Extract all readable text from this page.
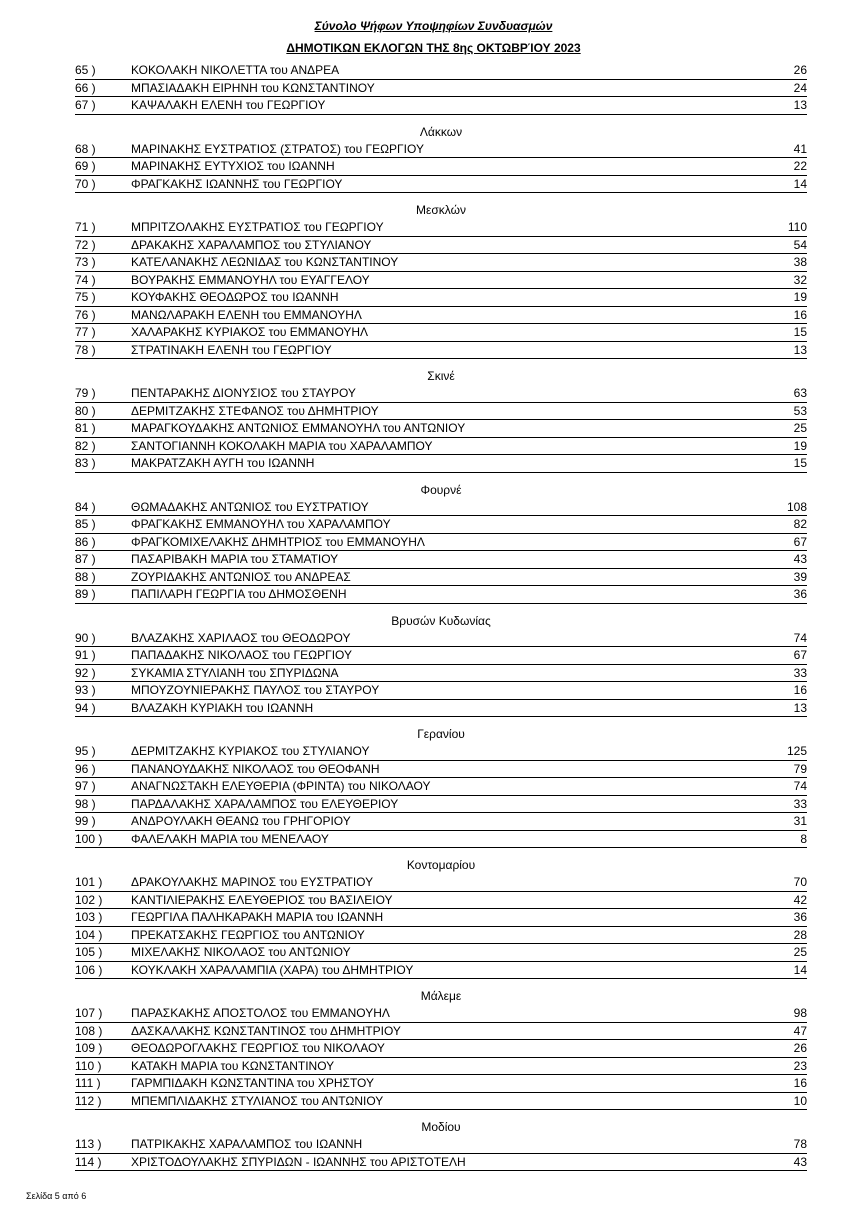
Σύνολο Ψήφων Υποψηφίων Συνδυασμών
ΔΗΜΟΤΙΚΩΝ ΕΚΛΟΓΩΝ ΤΗΣ 8ης ΟΚΤΩΒΡΊΟΥ 2023
65 )	ΚΟΚΟΛΑΚΗ ΝΙΚΟΛΕΤΤΑ του ΑΝΔΡΕΑ	26
66 )	ΜΠΑΣΙΑΔΑΚΗ ΕΙΡΗΝΗ του ΚΩΝΣΤΑΝΤΙΝΟΥ	24
67 )	ΚΑΨΑΛΑΚΗ ΕΛΕΝΗ του ΓΕΩΡΓΙΟΥ	13
Λάκκων
68 )	ΜΑΡΙΝΑΚΗΣ ΕΥΣΤΡΑΤΙΟΣ (ΣΤΡΑΤΟΣ) του ΓΕΩΡΓΙΟΥ	41
69 )	ΜΑΡΙΝΑΚΗΣ ΕΥΤΥΧΙΟΣ του ΙΩΑΝΝΗ	22
70 )	ΦΡΑΓΚΑΚΗΣ ΙΩΑΝΝΗΣ του ΓΕΩΡΓΙΟΥ	14
Μεσκλών
71 )	ΜΠΡΙΤΖΟΛΑΚΗΣ ΕΥΣΤΡΑΤΙΟΣ του ΓΕΩΡΓΙΟΥ	110
72 )	ΔΡΑΚΑΚΗΣ ΧΑΡΑΛΑΜΠΟΣ του ΣΤΥΛΙΑΝΟΥ	54
73 )	ΚΑΤΕΛΑΝΑΚΗΣ ΛΕΩΝΙΔΑΣ του ΚΩΝΣΤΑΝΤΙΝΟΥ	38
74 )	ΒΟΥΡΑΚΗΣ ΕΜΜΑΝΟΥΗΛ του ΕΥΑΓΓΕΛΟΥ	32
75 )	ΚΟΥΦΑΚΗΣ ΘΕΟΔΩΡΟΣ του ΙΩΑΝΝΗ	19
76 )	ΜΑΝΩΛΑΡΑΚΗ ΕΛΕΝΗ του ΕΜΜΑΝΟΥΗΛ	16
77 )	ΧΑΛΑΡΑΚΗΣ ΚΥΡΙΑΚΟΣ του ΕΜΜΑΝΟΥΗΛ	15
78 )	ΣΤΡΑΤΙΝΑΚΗ ΕΛΕΝΗ του ΓΕΩΡΓΙΟΥ	13
Σκινέ
79 )	ΠΕΝΤΑΡΑΚΗΣ ΔΙΟΝΥΣΙΟΣ του ΣΤΑΥΡΟΥ	63
80 )	ΔΕΡΜΙΤΖΑΚΗΣ ΣΤΕΦΑΝΟΣ του ΔΗΜΗΤΡΙΟΥ	53
81 )	ΜΑΡΑΓΚΟΥΔΑΚΗΣ ΑΝΤΩΝΙΟΣ ΕΜΜΑΝΟΥΗΛ του ΑΝΤΩΝΙΟΥ	25
82 )	ΣΑΝΤΟΓΙΑΝΝΗ ΚΟΚΟΛΑΚΗ ΜΑΡΙΑ του ΧΑΡΑΛΑΜΠΟΥ	19
83 )	ΜΑΚΡΑΤΖΑΚΗ ΑΥΓΗ του ΙΩΑΝΝΗ	15
Φουρνέ
84 )	ΘΩΜΑΔΑΚΗΣ ΑΝΤΩΝΙΟΣ του ΕΥΣΤΡΑΤΙΟΥ	108
85 )	ΦΡΑΓΚΑΚΗΣ ΕΜΜΑΝΟΥΗΛ του ΧΑΡΑΛΑΜΠΟΥ	82
86 )	ΦΡΑΓΚΟΜΙΧΕΛΑΚΗΣ ΔΗΜΗΤΡΙΟΣ του ΕΜΜΑΝΟΥΗΛ	67
87 )	ΠΑΣΑΡΙΒΑΚΗ ΜΑΡΙΑ του ΣΤΑΜΑΤΙΟΥ	43
88 )	ΖΟΥΡΙΔΑΚΗΣ ΑΝΤΩΝΙΟΣ του ΑΝΔΡΕΑΣ	39
89 )	ΠΑΠΙΛΑΡΗ ΓΕΩΡΓΙΑ του ΔΗΜΟΣΘΕΝΗ	36
Βρυσών Κυδωνίας
90 )	ΒΛΑΖΑΚΗΣ ΧΑΡΙΛΑΟΣ του ΘΕΟΔΩΡΟΥ	74
91 )	ΠΑΠΑΔΑΚΗΣ ΝΙΚΟΛΑΟΣ του ΓΕΩΡΓΙΟΥ	67
92 )	ΣΥΚΑΜΙΑ ΣΤΥΛΙΑΝΗ του ΣΠΥΡΙΔΩΝΑ	33
93 )	ΜΠΟΥΖΟΥΝΙΕΡΑΚΗΣ ΠΑΥΛΟΣ του ΣΤΑΥΡΟΥ	16
94 )	ΒΛΑΖΑΚΗ ΚΥΡΙΑΚΗ του ΙΩΑΝΝΗ	13
Γερανίου
95 )	ΔΕΡΜΙΤΖΑΚΗΣ ΚΥΡΙΑΚΟΣ του ΣΤΥΛΙΑΝΟΥ	125
96 )	ΠΑΝΑΝΟΥΔΑΚΗΣ ΝΙΚΟΛΑΟΣ του ΘΕΟΦΑΝΗ	79
97 )	ΑΝΑΓΝΩΣΤΑΚΗ ΕΛΕΥΘΕΡΙΑ (ΦΡΙΝΤΑ) του ΝΙΚΟΛΑΟΥ	74
98 )	ΠΑΡΔΑΛΑΚΗΣ ΧΑΡΑΛΑΜΠΟΣ του ΕΛΕΥΘΕΡΙΟΥ	33
99 )	ΑΝΔΡΟΥΛΑΚΗ ΘΕΑΝΩ του ΓΡΗΓΟΡΙΟΥ	31
100 ) ΦΑΛΕΛΑΚΗ ΜΑΡΙΑ του ΜΕΝΕΛΑΟΥ	8
Κοντομαρίου
101 ) ΔΡΑΚΟΥΛΑΚΗΣ ΜΑΡΙΝΟΣ του ΕΥΣΤΡΑΤΙΟΥ	70
102 ) ΚΑΝΤΙΛΙΕΡΑΚΗΣ ΕΛΕΥΘΕΡΙΟΣ του ΒΑΣΙΛΕΙΟΥ	42
103 ) ΓΕΩΡΓΙΛΑ ΠΑΛΗΚΑΡΑΚΗ ΜΑΡΙΑ του ΙΩΑΝΝΗ	36
104 ) ΠΡΕΚΑΤΣΑΚΗΣ ΓΕΩΡΓΙΟΣ του ΑΝΤΩΝΙΟΥ	28
105 ) ΜΙΧΕΛΑΚΗΣ ΝΙΚΟΛΑΟΣ του ΑΝΤΩΝΙΟΥ	25
106 ) ΚΟΥΚΛΑΚΗ ΧΑΡΑΛΑΜΠΙΑ (ΧΑΡΑ) του ΔΗΜΗΤΡΙΟΥ	14
Μάλεμε
107 ) ΠΑΡΑΣΚΑΚΗΣ ΑΠΟΣΤΟΛΟΣ του ΕΜΜΑΝΟΥΗΛ	98
108 ) ΔΑΣΚΑΛΑΚΗΣ ΚΩΝΣΤΑΝΤΙΝΟΣ του ΔΗΜΗΤΡΙΟΥ	47
109 ) ΘΕΟΔΩΡΟΓΛΑΚΗΣ ΓΕΩΡΓΙΟΣ του ΝΙΚΟΛΑΟΥ	26
110 ) ΚΑΤΑΚΗ ΜΑΡΙΑ του ΚΩΝΣΤΑΝΤΙΝΟΥ	23
111 )	ΓΑΡΜΠΙΔΑΚΗ ΚΩΝΣΤΑΝΤΙΝΑ του ΧΡΗΣΤΟΥ	16
112 ) ΜΠΕΜΠΛΙΔΑΚΗΣ ΣΤΥΛΙΑΝΟΣ του ΑΝΤΩΝΙΟΥ	10
Μοδίου
113 ) ΠΑΤΡΙΚΑΚΗΣ ΧΑΡΑΛΑΜΠΟΣ του ΙΩΑΝΝΗ	78
114 ) ΧΡΙΣΤΟΔΟΥΛΑΚΗΣ ΣΠΥΡΙΔΩΝ - ΙΩΑΝΝΗΣ του ΑΡΙΣΤΟΤΕΛΗ	43
Σελίδα 5 από 6
